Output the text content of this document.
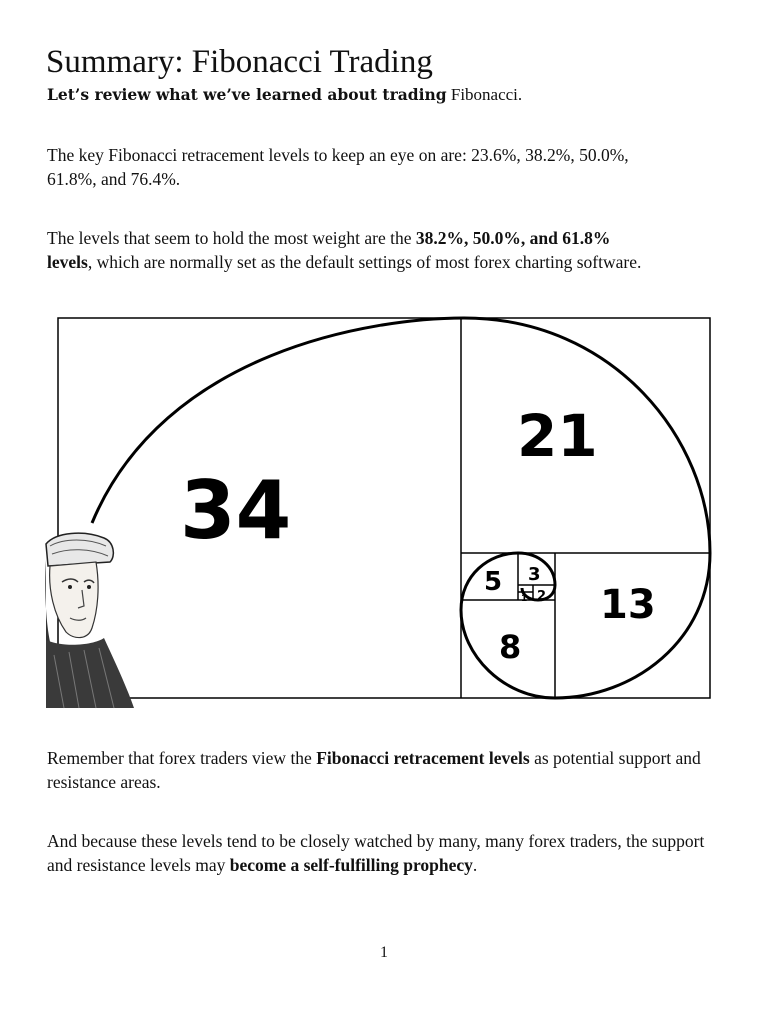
Summary: Fibonacci Trading

Let’s review what we’ve learned about trading Fibonacci.

The key Fibonacci retracement levels to keep an eye on are: 23.6%, 38.2%, 50.0%,
61.8%, and 76.4%.

The levels that seem to hold the most weight are the 38.2%, 50.0%, and 61.8%
levels, which are normally set as the default settings of most forex charting software.

34
21
13
8
5 3
2
1

Remember that forex traders view the Fibonacci retracement levels as potential support and resistance areas.

And because these levels tend to be closely watched by many, many forex traders, the support and resistance levels may become a self-fulfilling prophecy.

1
